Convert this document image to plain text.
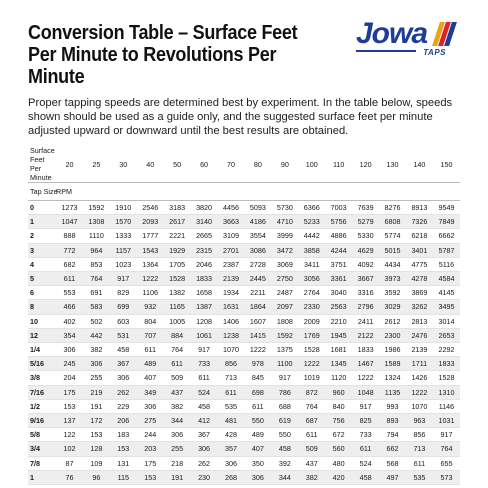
Conversion Table – Surface Feet Per Minute to Revolutions Per Minute
Jowa
TAPS

Proper tapping speeds are determined best by experiment. In the table below, speeds shown should be used as a guide only, and the suggested surface feet per minute adjusted upward or downward until the best results are obtained.

Surface Feet Per Minute	20	25	30	40	50	60	70	80	90	100	110	120	130	140	150
Tap Size	RPM														
0	1273	1592	1910	2546	3183	3820	4456	5093	5730	6366	7003	7639	8276	8913	9549
1	1047	1308	1570	2093	2617	3140	3663	4186	4710	5233	5756	5279	6808	7326	7849
2	888	1110	1333	1777	2221	2665	3109	3554	3999	4442	4886	5330	5774	6218	6662
3	772	964	1157	1543	1929	2315	2701	3086	3472	3858	4244	4629	5015	3401	5787
4	682	853	1023	1364	1705	2046	2387	2728	3069	3411	3751	4092	4434	4775	5116
5	611	764	917	1222	1528	1833	2139	2445	2750	3056	3361	3667	3973	4278	4584
6	553	691	829	1106	1382	1658	1934	2211	2487	2764	3040	3316	3592	3869	4145
8	466	583	699	932	1165	1387	1631	1864	2097	2330	2563	2796	3029	3262	3495
10	402	502	603	804	1005	1208	1406	1607	1808	2009	2210	2411	2612	2813	3014
12	354	442	531	707	884	1061	1238	1415	1592	1769	1945	2122	2300	2476	2653
1/4	306	382	458	611	764	917	1070	1222	1375	1528	1681	1833	1986	2139	2292
5/16	245	306	367	489	611	733	856	978	1100	1222	1345	1467	1589	1711	1833
3/8	204	255	306	407	509	611	713	845	917	1019	1120	1222	1324	1426	1528
7/16	175	219	262	349	437	524	611	698	786	872	960	1048	1135	1222	1310
1/2	153	191	229	306	382	458	535	611	688	764	840	917	993	1070	1146
9/16	137	172	206	275	344	412	481	550	619	687	756	825	893	963	1031
5/8	122	153	183	244	306	367	428	489	550	611	672	733	794	856	917
3/4	102	128	153	203	255	306	357	407	458	509	560	611	662	713	764
7/8	87	109	131	175	218	262	306	350	392	437	480	524	568	611	655
1	76	96	115	153	191	230	268	306	344	382	420	458	497	535	573
